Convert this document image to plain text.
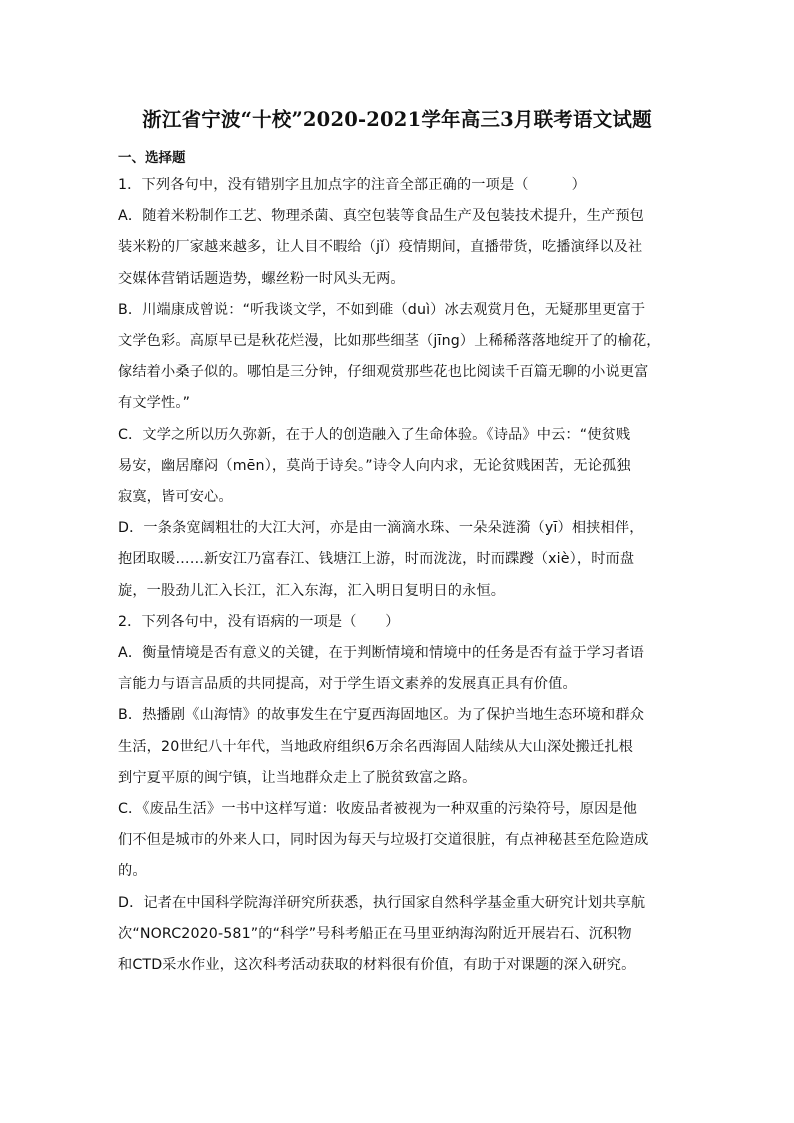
浙江省宁波“十校”2020-2021学年高三3月联考语文试题
一、选择题
1．下列各句中，没有错别字且加点字的注音全部正确的一项是（　　　）
A．随着米粉制作工艺、物理杀菌、真空包装等食品生产及包装技术提升，生产预包
装米粉的厂家越来越多，让人目不暇给（jǐ）疫情期间，直播带货，吃播演绎以及社
交媒体营销话题造势，螺丝粉一时风头无两。
B．川端康成曾说：“听我谈文学，不如到碓（duì）冰去观赏月色，无疑那里更富于
文学色彩。高原早已是秋花烂漫，比如那些细茎（jīng）上稀稀落落地绽开了的榆花，
傢结着小桑子似的。哪怕是三分钟，仔细观赏那些花也比阅读千百篇无聊的小说更富
有文学性。”
C．文学之所以历久弥新，在于人的创造融入了生命体验。《诗品》中云：“使贫贱
易安，幽居靡闷（mēn），莫尚于诗矣。”诗令人向内求，无论贫贱困苦，无论孤独
寂寞，皆可安心。
D．一条条宽阔粗壮的大江大河，亦是由一滴滴水珠、一朵朵涟漪（yī）相挟相伴，
抱团取暖……新安江乃富春江、钱塘江上游，时而泷泷，时而蹀躞（xiè），时而盘
旋，一股劲儿汇入长江，汇入东海，汇入明日复明日的永恒。
2．下列各句中，没有语病的一项是（　　）
A．衡量情境是否有意义的关键，在于判断情境和情境中的任务是否有益于学习者语
言能力与语言品质的共同提高，对于学生语文素养的发展真正具有价值。
B．热播剧《山海情》的故事发生在宁夏西海固地区。为了保护当地生态环境和群众
生活，20世纪八十年代，当地政府组织6万余名西海固人陆续从大山深处搬迁扎根
到宁夏平原的闽宁镇，让当地群众走上了脱贫致富之路。
C．《废品生活》一书中这样写道：收废品者被视为一种双重的污染符号，原因是他
们不但是城市的外来人口，同时因为每天与垃圾打交道很脏，有点神秘甚至危险造成
的。
D．记者在中国科学院海洋研究所获悉，执行国家自然科学基金重大研究计划共享航
次“NORC2020-581”的“科学”号科考船正在马里亚纳海沟附近开展岩石、沉积物
和CTD采水作业，这次科考活动获取的材料很有价值，有助于对课题的深入研究。
